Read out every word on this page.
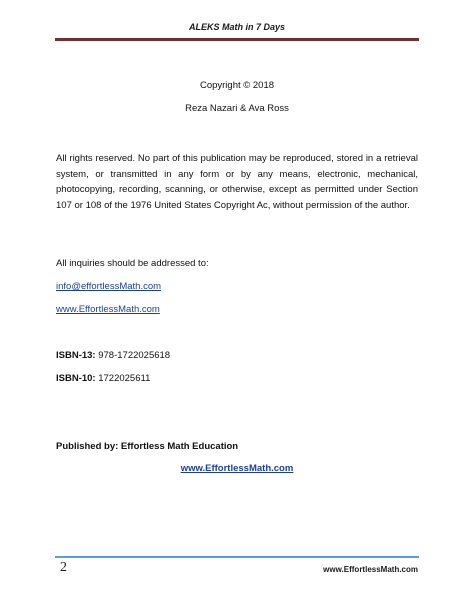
ALEKS Math in 7 Days
Copyright © 2018
Reza Nazari & Ava Ross

All rights reserved. No part of this publication may be reproduced, stored in a retrieval system, or transmitted in any form or by any means, electronic, mechanical, photocopying, recording, scanning, or otherwise, except as permitted under Section 107 or 108 of the 1976 United States Copyright Ac, without permission of the author.

All inquiries should be addressed to:
info@effortlessMath.com
www.EffortlessMath.com
ISBN-13: 978-1722025618
ISBN-10: 1722025611
Published by: Effortless Math Education
www.EffortlessMath.com
2	www.EffortlessMath.com
